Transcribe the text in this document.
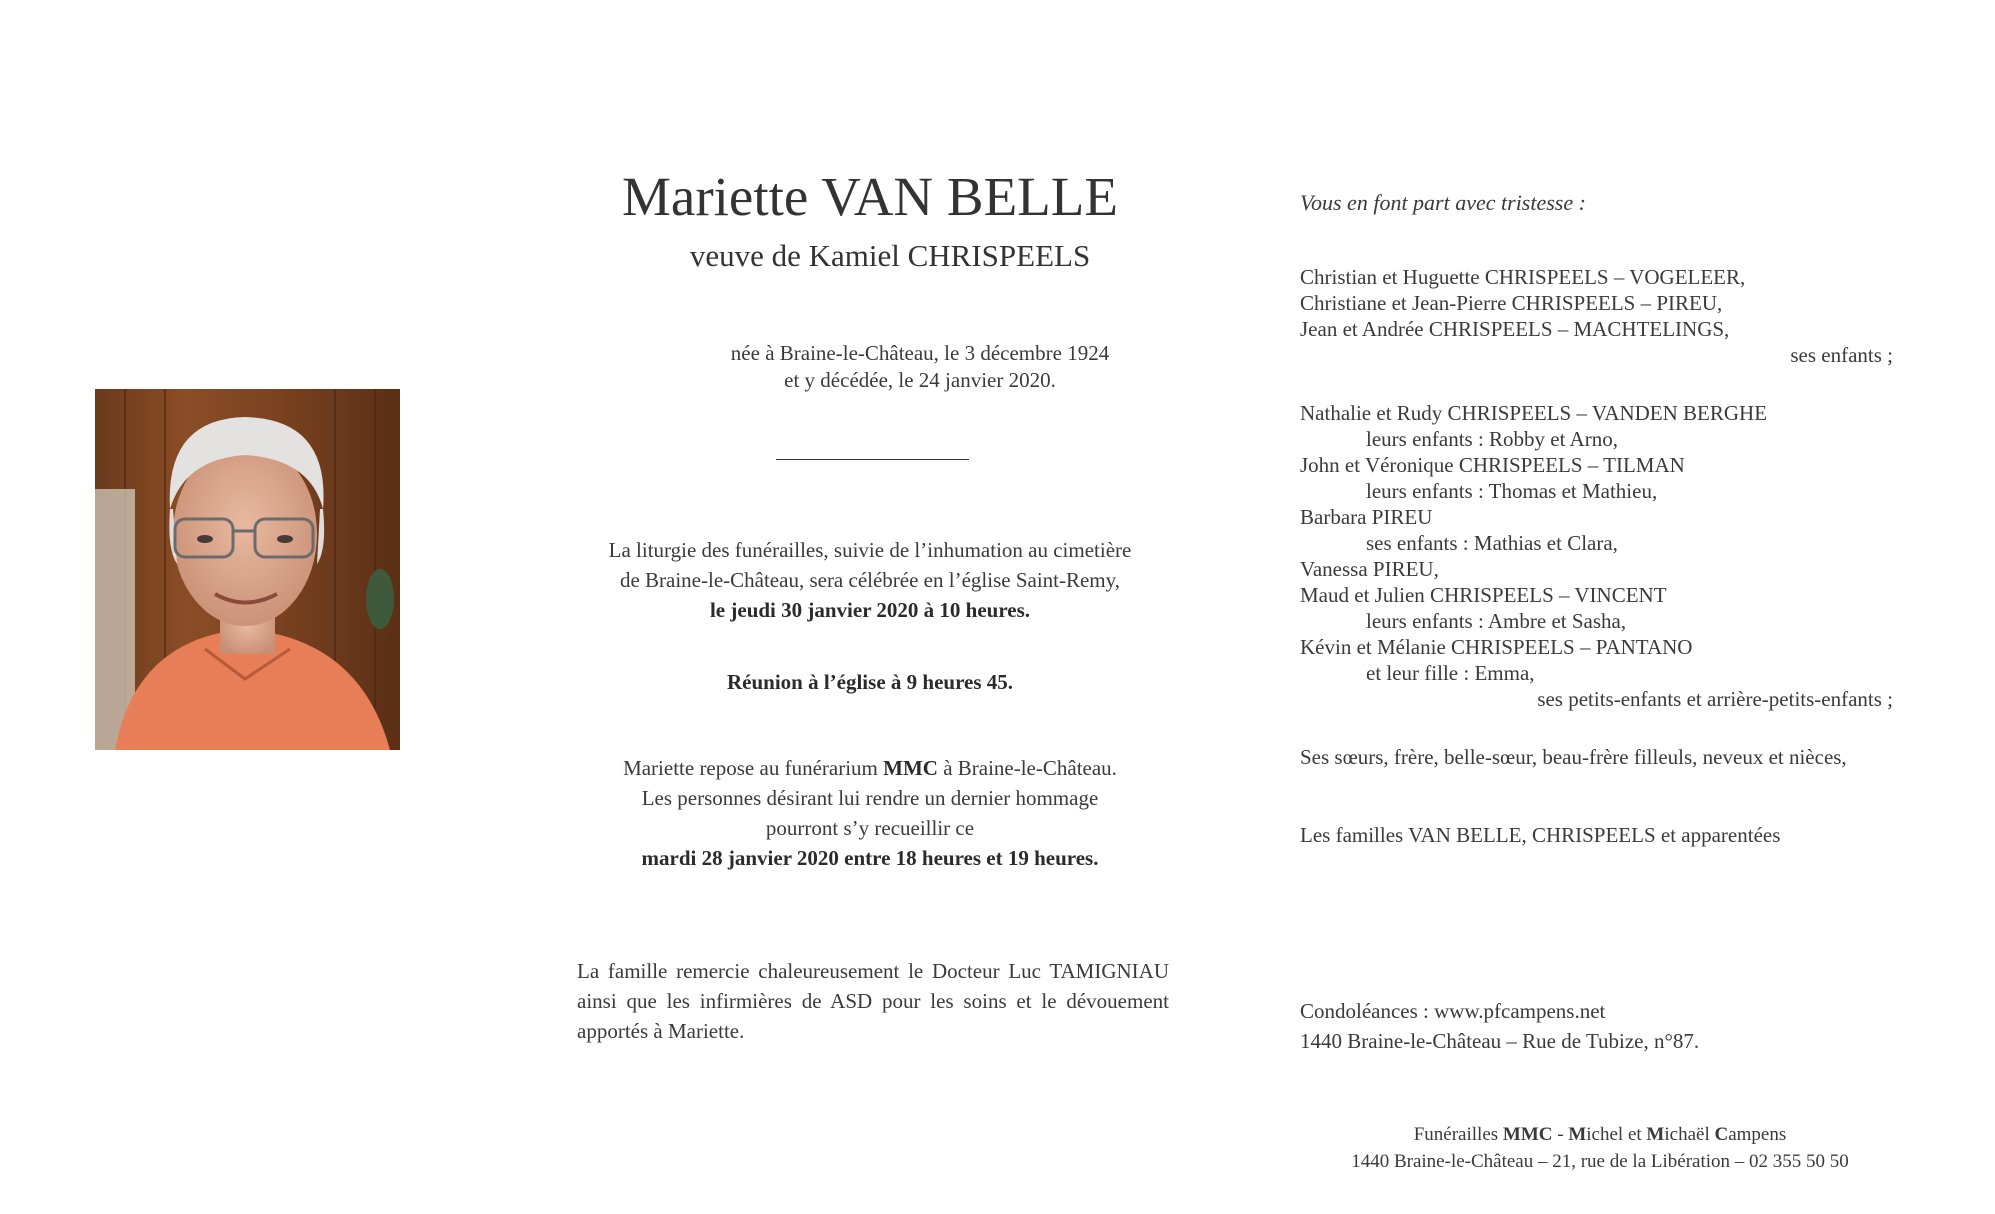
Mariette VAN BELLE
veuve de Kamiel CHRISPEELS
née à Braine-le-Château, le 3 décembre 1924
et y décédée, le 24 janvier 2020.
La liturgie des funérailles, suivie de l’inhumation au cimetière
de Braine-le-Château, sera célébrée en l’église Saint-Remy,
le jeudi 30 janvier 2020 à 10 heures.
Réunion à l’église à 9 heures 45.
Mariette repose au funérarium MMC à Braine-le-Château.
Les personnes désirant lui rendre un dernier hommage
pourront s’y recueillir ce
mardi 28 janvier 2020 entre 18 heures et 19 heures.
La famille remercie chaleureusement le Docteur Luc TAMIGNIAU ainsi que les infirmières de ASD pour les soins et le dévouement apportés à Mariette.
Vous en font part avec tristesse :
Christian et Huguette CHRISPEELS – VOGELEER,
Christiane et Jean-Pierre CHRISPEELS – PIREU,
Jean et Andrée CHRISPEELS – MACHTELINGS,
ses enfants ;
Nathalie et Rudy CHRISPEELS – VANDEN BERGHE
leurs enfants : Robby et Arno,
John et Véronique CHRISPEELS – TILMAN
leurs enfants : Thomas et Mathieu,
Barbara PIREU
ses enfants : Mathias et Clara,
Vanessa PIREU,
Maud et Julien CHRISPEELS – VINCENT
leurs enfants : Ambre et Sasha,
Kévin et Mélanie CHRISPEELS – PANTANO
et leur fille : Emma,
ses petits-enfants et arrière-petits-enfants ;
Ses sœurs, frère, belle-sœur, beau-frère filleuls, neveux et nièces,
Les familles VAN BELLE, CHRISPEELS et apparentées
Condoléances : www.pfcampens.net
1440 Braine-le-Château – Rue de Tubize, n°87.
Funérailles MMC - Michel et Michaël Campens
1440 Braine-le-Château – 21, rue de la Libération – 02 355 50 50
